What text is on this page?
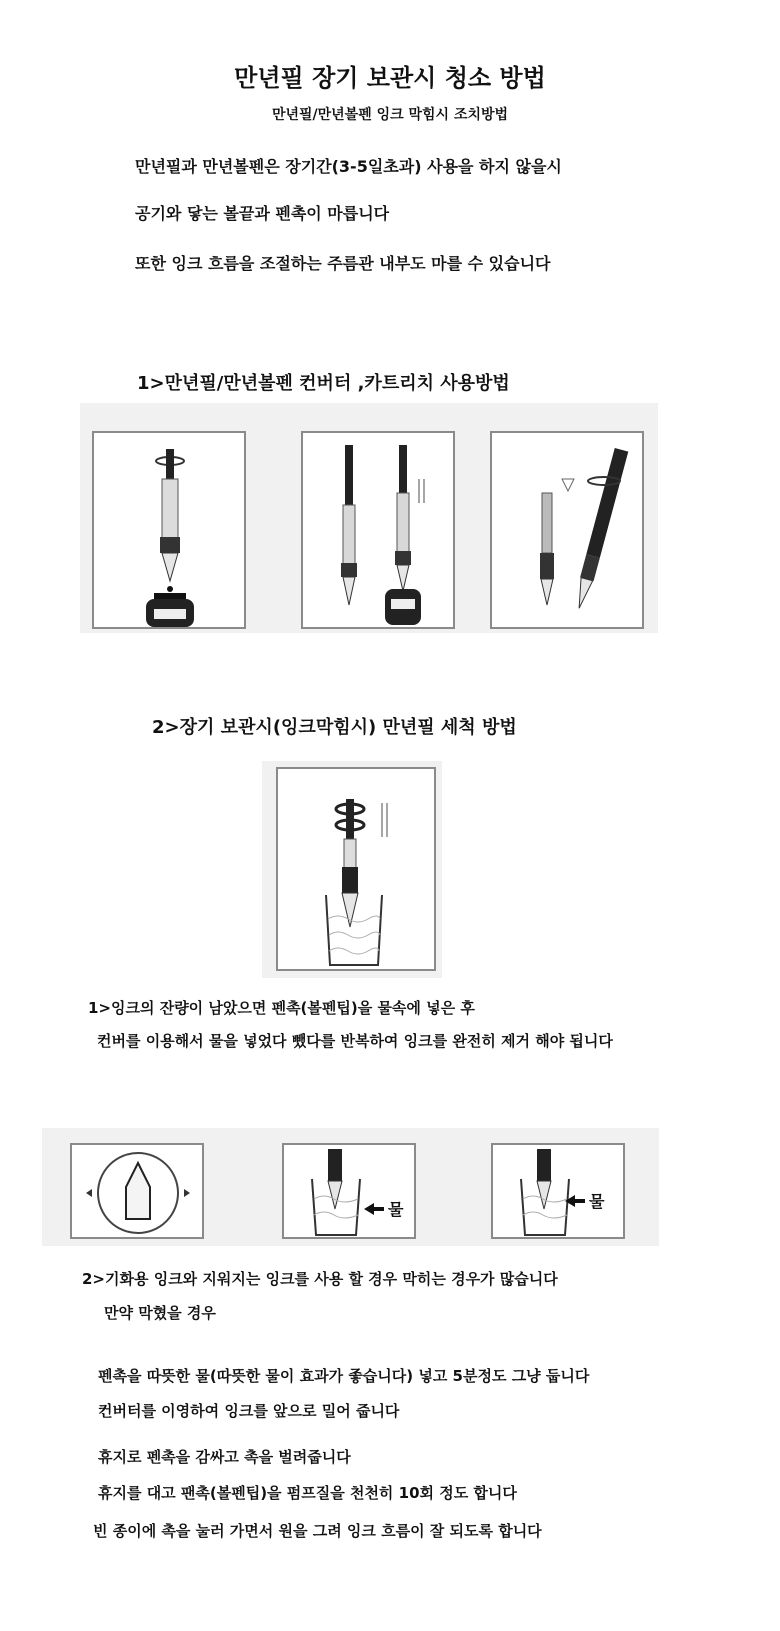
만년필 장기 보관시 청소 방법
만년필/만년볼펜 잉크 막힘시 조치방법
만년필과 만년볼펜은 장기간(3-5일초과) 사용을 하지 않을시
공기와 닿는 볼끝과 펜촉이 마릅니다
또한 잉크 흐름을 조절하는 주름관 내부도 마를 수 있습니다
1>만년필/만년볼펜 컨버터 ,카트리치 사용방법
2>장기 보관시(잉크막힘시) 만년필 세척 방법
1>잉크의 잔량이 남았으면 펜촉(볼펜팁)을 물속에 넣은 후
컨버를 이용해서 물을 넣었다 뺐다를 반복하여 잉크를 완전히 제거 해야 됩니다
물	물
2>기화용 잉크와 지워지는 잉크를 사용 할 경우 막히는 경우가 많습니다
만약 막혔을 경우
펜촉을 따뜻한 물(따뜻한 물이 효과가 좋습니다) 넣고 5분정도 그냥 둡니다
컨버터를 이영하여 잉크를 앞으로 밀어 줍니다
휴지로 펜촉을 감싸고 촉을 벌려줍니다
휴지를 대고 팬촉(볼펜팁)을 펌프질을 천천히 10회 정도 합니다
빈 종이에 촉을 눌러 가면서 원을 그려 잉크 흐름이 잘 되도록 합니다
